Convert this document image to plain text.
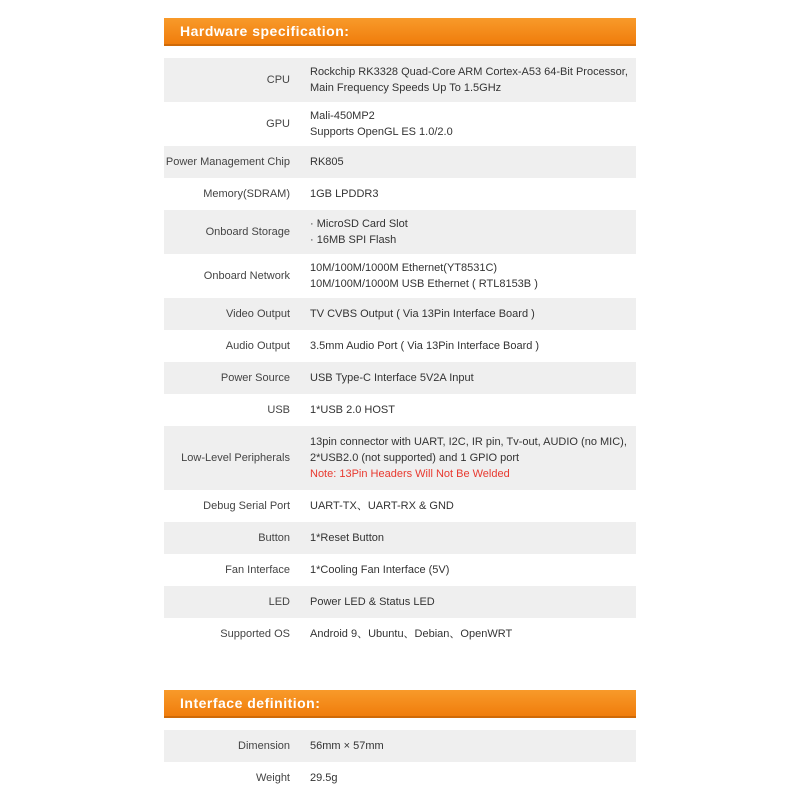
Hardware specification:
CPU
Rockchip RK3328 Quad-Core ARM Cortex-A53 64-Bit Processor,
Main Frequency Speeds Up To 1.5GHz
GPU
Mali-450MP2
Supports OpenGL ES 1.0/2.0
Power Management Chip RK805
Memory(SDRAM) 1GB LPDDR3
Onboard Storage
· MicroSD Card Slot
· 16MB SPI Flash
Onboard Network
10M/100M/1000M Ethernet(YT8531C)
10M/100M/1000M USB Ethernet ( RTL8153B )
Video Output TV CVBS Output ( Via 13Pin Interface Board )
Audio Output 3.5mm Audio Port ( Via 13Pin Interface Board )
Power Source USB Type-C Interface 5V2A Input
USB 1*USB 2.0 HOST
Low-Level Peripherals
13pin connector with UART, I2C, IR pin, Tv-out, AUDIO (no MIC),
2*USB2.0 (not supported) and 1 GPIO port
Note: 13Pin Headers Will Not Be Welded
Debug Serial Port UART-TX、UART-RX & GND
Button 1*Reset Button
Fan Interface 1*Cooling Fan Interface (5V)
LED Power LED & Status LED
Supported OS Android 9、Ubuntu、Debian、OpenWRT
Interface definition:
Dimension 56mm × 57mm
Weight 29.5g
